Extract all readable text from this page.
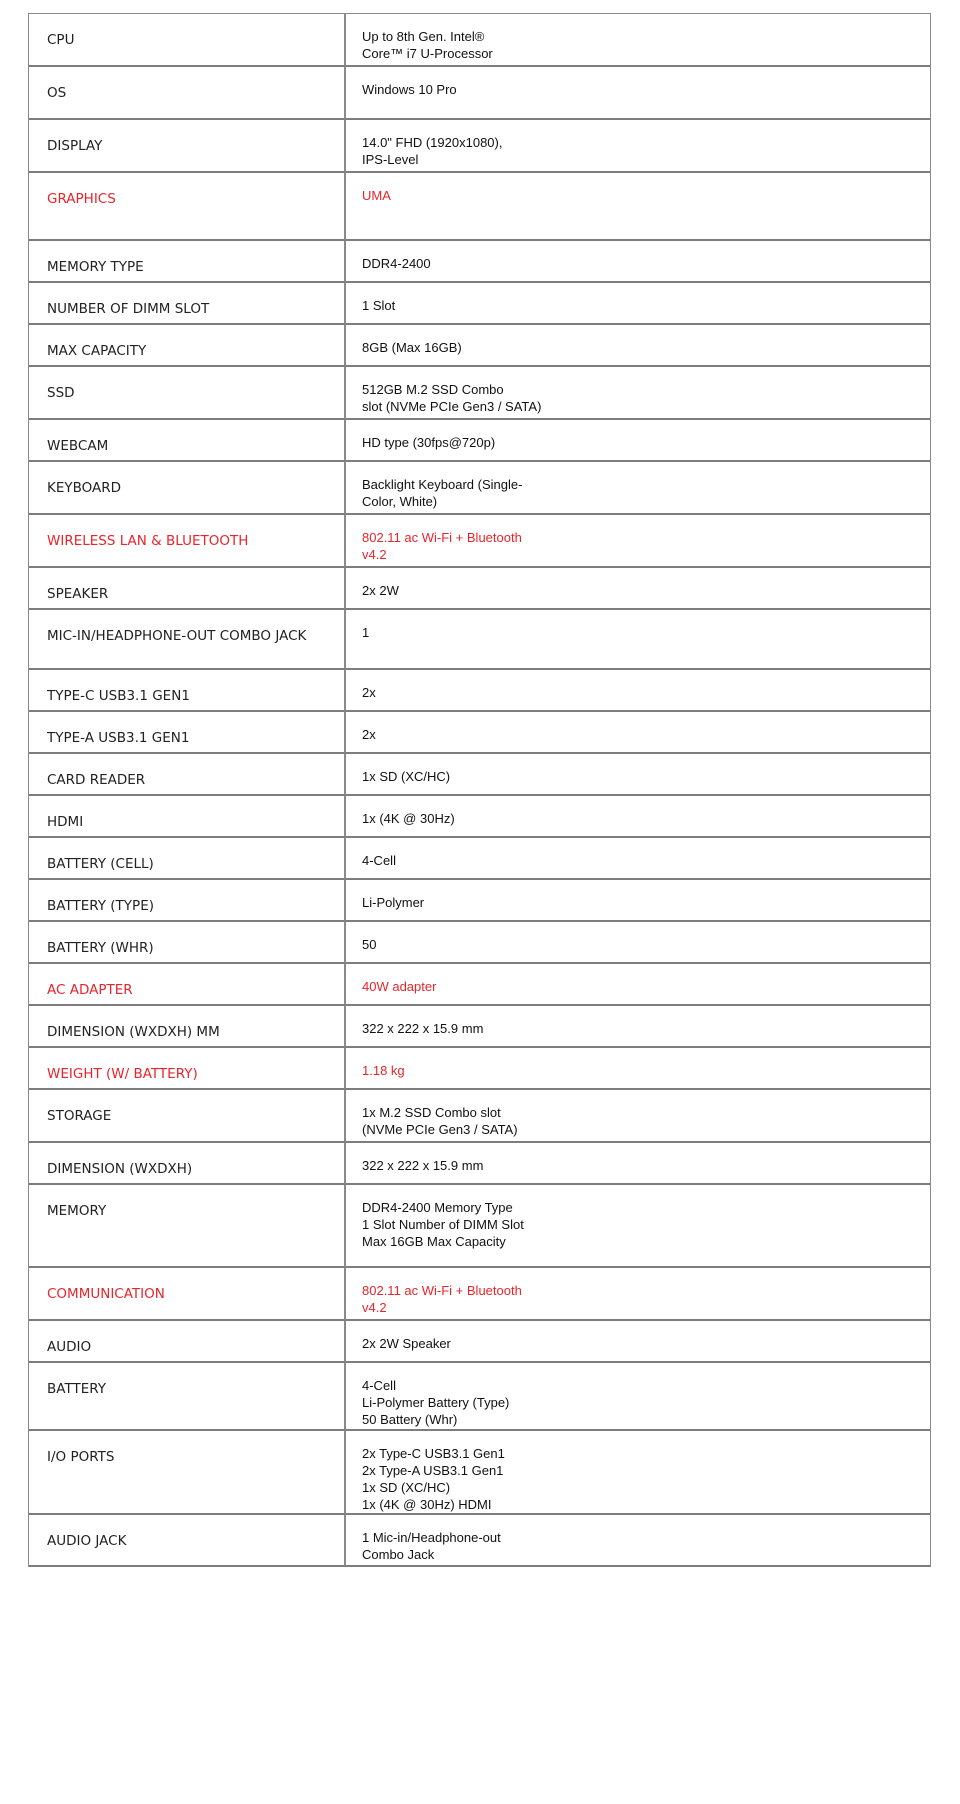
CPU	Up to 8th Gen. Intel®
Core™ i7 U-Processor

OS	Windows 10 Pro

DISPLAY	14.0" FHD (1920x1080),
IPS-Level

GRAPHICS	UMA

MEMORY TYPE	DDR4-2400

NUMBER OF DIMM SLOT	1 Slot

MAX CAPACITY	8GB (Max 16GB)

SSD	512GB M.2 SSD Combo
slot (NVMe PCIe Gen3 / SATA)

WEBCAM	HD type (30fps@720p)

KEYBOARD	Backlight Keyboard (Single-
Color, White)

WIRELESS LAN & BLUETOOTH	802.11 ac Wi-Fi + Bluetooth
v4.2

SPEAKER	2x 2W

MIC-IN/HEADPHONE-OUT COMBO JACK	1

TYPE-C USB3.1 GEN1	2x

TYPE-A USB3.1 GEN1	2x

CARD READER	1x SD (XC/HC)

HDMI	1x (4K @ 30Hz)

BATTERY (CELL)	4-Cell

BATTERY (TYPE)	Li-Polymer

BATTERY (WHR)	50

AC ADAPTER	40W adapter

DIMENSION (WXDXH) MM	322 x 222 x 15.9 mm

WEIGHT (W/ BATTERY)	1.18 kg

STORAGE	1x M.2 SSD Combo slot
(NVMe PCIe Gen3 / SATA)

DIMENSION (WXDXH)	322 x 222 x 15.9 mm

MEMORY	DDR4-2400 Memory Type
1 Slot Number of DIMM Slot
Max 16GB Max Capacity

COMMUNICATION	802.11 ac Wi-Fi + Bluetooth
v4.2

AUDIO	2x 2W Speaker

BATTERY	4-Cell
Li-Polymer Battery (Type)
50 Battery (Whr)

I/O PORTS	2x Type-C USB3.1 Gen1
2x Type-A USB3.1 Gen1
1x SD (XC/HC)
1x (4K @ 30Hz) HDMI

AUDIO JACK	1 Mic-in/Headphone-out
Combo Jack
